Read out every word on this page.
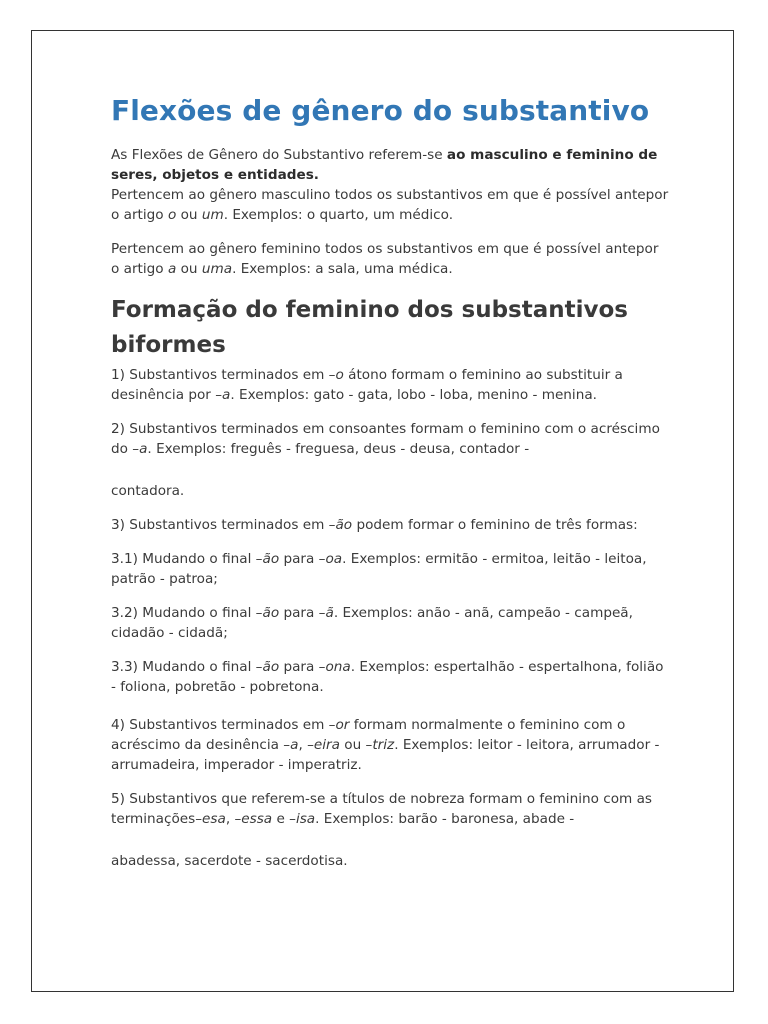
Flexões de gênero do substantivo

As Flexões de Gênero do Substantivo referem-se ao masculino e feminino de seres, objetos e entidades.

Pertencem ao gênero masculino todos os substantivos em que é possível antepor o artigo o ou um. Exemplos: o quarto, um médico.

Pertencem ao gênero feminino todos os substantivos em que é possível antepor o artigo a ou uma. Exemplos: a sala, uma médica.

Formação do feminino dos substantivos biformes

1) Substantivos terminados em –o átono formam o feminino ao substituir a desinência por –a. Exemplos: gato - gata, lobo - loba, menino - menina.

2) Substantivos terminados em consoantes formam o feminino com o acréscimo do –a. Exemplos: freguês - freguesa, deus - deusa, contador -

contadora.

3) Substantivos terminados em –ão podem formar o feminino de três formas:

3.1) Mudando o final –ão para –oa. Exemplos: ermitão - ermitoa, leitão - leitoa, patrão - patroa;

3.2) Mudando o final –ão para –ã. Exemplos: anão - anã, campeão - campeã, cidadão - cidadã;

3.3) Mudando o final –ão para –ona. Exemplos: espertalhão - espertalhona, folião - foliona, pobretão - pobretona.

4) Substantivos terminados em –or formam normalmente o feminino com o acréscimo da desinência –a, –eira ou –triz. Exemplos: leitor - leitora, arrumador - arrumadeira, imperador - imperatriz.

5) Substantivos que referem-se a títulos de nobreza formam o feminino com as terminações–esa, –essa e –isa. Exemplos: barão - baronesa, abade -

abadessa, sacerdote - sacerdotisa.
